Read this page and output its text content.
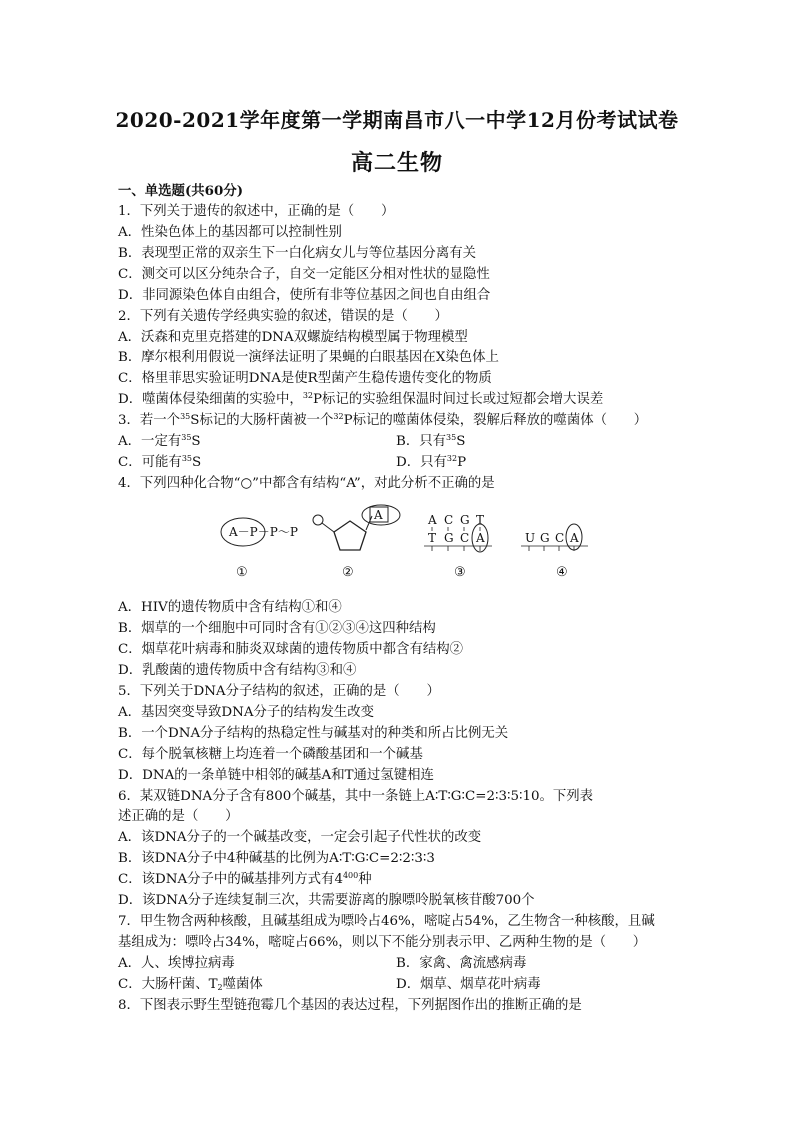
2020-2021学年度第一学期南昌市八一中学12月份考试试卷
高二生物
一、单选题(共60分)
1．下列关于遗传的叙述中，正确的是（　　）
A．性染色体上的基因都可以控制性别
B．表现型正常的双亲生下一白化病女儿与等位基因分离有关
C．测交可以区分纯杂合子，自交一定能区分相对性状的显隐性
D．非同源染色体自由组合，使所有非等位基因之间也自由组合
2．下列有关遗传学经典实验的叙述，错误的是（　　）
A．沃森和克里克搭建的DNA双螺旋结构模型属于物理模型
B．摩尔根利用假说一演绎法证明了果蝇的白眼基因在X染色体上
C．格里菲思实验证明DNA是使R型菌产生稳传遗传变化的物质
D．噬菌体侵染细菌的实验中，$^{32}$P标记的实验组保温时间过长或过短都会增大误差
3．若一个$^{35}$S标记的大肠杆菌被一个$^{32}$P标记的噬菌体侵染，裂解后释放的噬菌体（　　）
A．一定有$^{35}$S	B．只有$^{35}$S
C．可能有$^{35}$S	D．只有$^{32}$P
4．下列四种化合物“○”中都含有结构“A”，对此分析不正确的是
A－P－P～P
A	A C G T
T G C A	U G C A
①	②	③	④
A．HIV的遗传物质中含有结构①和④
B．烟草的一个细胞中可同时含有①②③④这四种结构
C．烟草花叶病毒和肺炎双球菌的遗传物质中都含有结构②
D．乳酸菌的遗传物质中含有结构③和④
5．下列关于DNA分子结构的叙述，正确的是（　　）
A．基因突变导致DNA分子的结构发生改变
B．一个DNA分子结构的热稳定性与碱基对的种类和所占比例无关
C．每个脱氧核糖上均连着一个磷酸基团和一个碱基
D．DNA的一条单链中相邻的碱基A和T通过氢键相连
6．某双链DNA分子含有800个碱基，其中一条链上A∶T∶G∶C=2∶3∶5∶10。下列表
述正确的是（　　）
A．该DNA分子的一个碱基改变，一定会引起子代性状的改变
B．该DNA分子中4种碱基的比例为A∶T∶G∶C=2∶2∶3∶3
C．该DNA分子中的碱基排列方式有$4^{400}$种
D．该DNA分子连续复制三次，共需要游离的腺嘌呤脱氧核苷酸700个
7．甲生物含两种核酸，且碱基组成为嘌呤占46%，嘧啶占54%，乙生物含一种核酸，且碱
基组成为：嘌呤占34%，嘧啶占66%，则以下不能分别表示甲、乙两种生物的是（　　）
A．人、埃博拉病毒	B．家禽、禽流感病毒
C．大肠杆菌、$T_2$噬菌体	D．烟草、烟草花叶病毒
8．下图表示野生型链孢霉几个基因的表达过程，下列据图作出的推断正确的是
